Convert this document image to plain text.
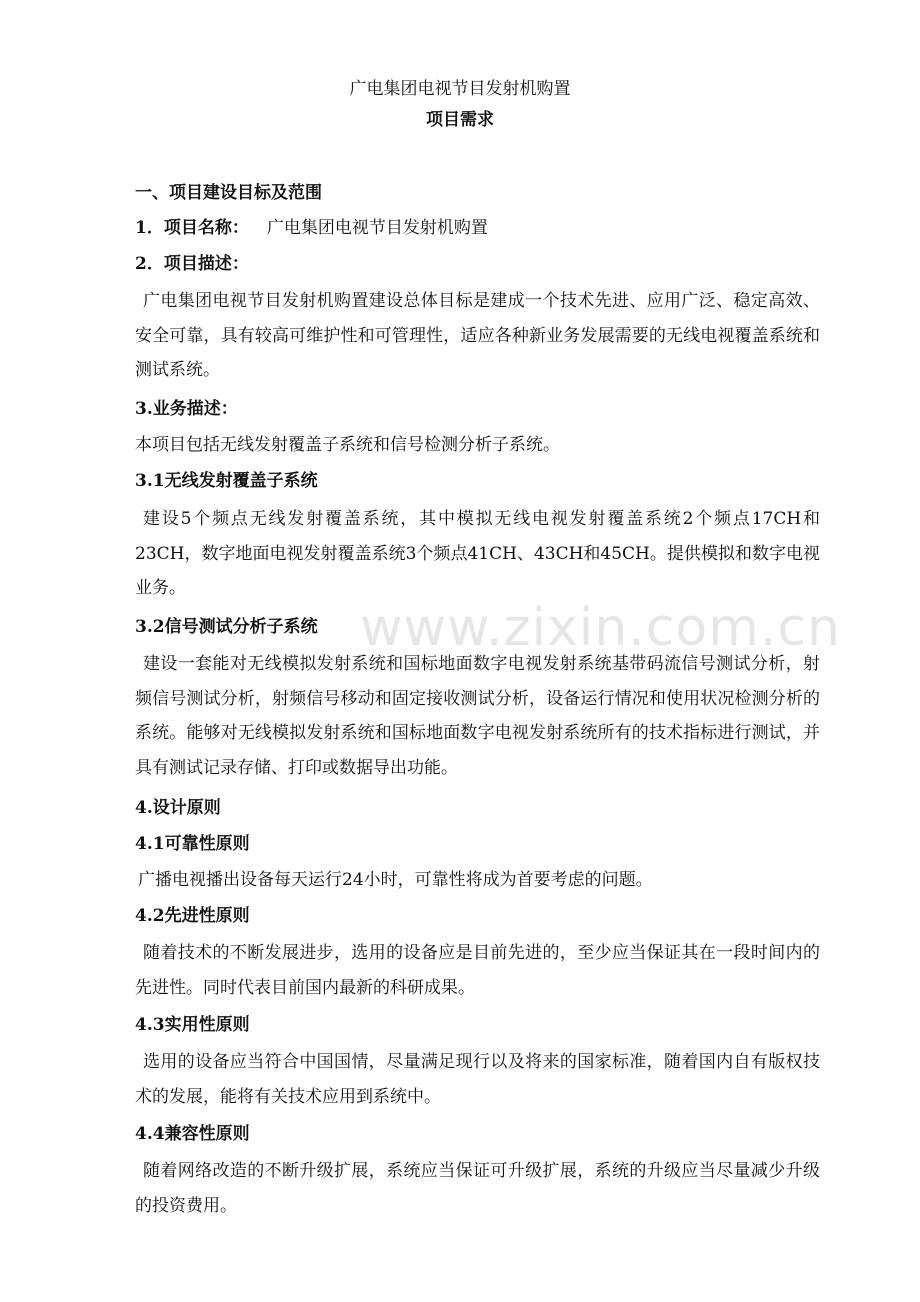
www.zixin.com.cn
广电集团电视节目发射机购置
项目需求
一、项目建设目标及范围
1．项目名称： 广电集团电视节目发射机购置
2．项目描述：
广电集团电视节目发射机购置建设总体目标是建成一个技术先进、应用广泛、稳定高效、安全可靠，具有较高可维护性和可管理性，适应各种新业务发展需要的无线电视覆盖系统和测试系统。
3.业务描述：
本项目包括无线发射覆盖子系统和信号检测分析子系统。
3.1无线发射覆盖子系统
建设5个频点无线发射覆盖系统，其中模拟无线电视发射覆盖系统2个频点17CH和23CH，数字地面电视发射覆盖系统3个频点41CH、43CH和45CH。提供模拟和数字电视业务。
3.2信号测试分析子系统
建设一套能对无线模拟发射系统和国标地面数字电视发射系统基带码流信号测试分析，射频信号测试分析，射频信号移动和固定接收测试分析，设备运行情况和使用状况检测分析的系统。能够对无线模拟发射系统和国标地面数字电视发射系统所有的技术指标进行测试，并具有测试记录存储、打印或数据导出功能。
4.设计原则
4.1可靠性原则
广播电视播出设备每天运行24小时，可靠性将成为首要考虑的问题。
4.2先进性原则
随着技术的不断发展进步，选用的设备应是目前先进的，至少应当保证其在一段时间内的先进性。同时代表目前国内最新的科研成果。
4.3实用性原则
选用的设备应当符合中国国情，尽量满足现行以及将来的国家标准，随着国内自有版权技术的发展，能将有关技术应用到系统中。
4.4兼容性原则
随着网络改造的不断升级扩展，系统应当保证可升级扩展，系统的升级应当尽量减少升级的投资费用。
